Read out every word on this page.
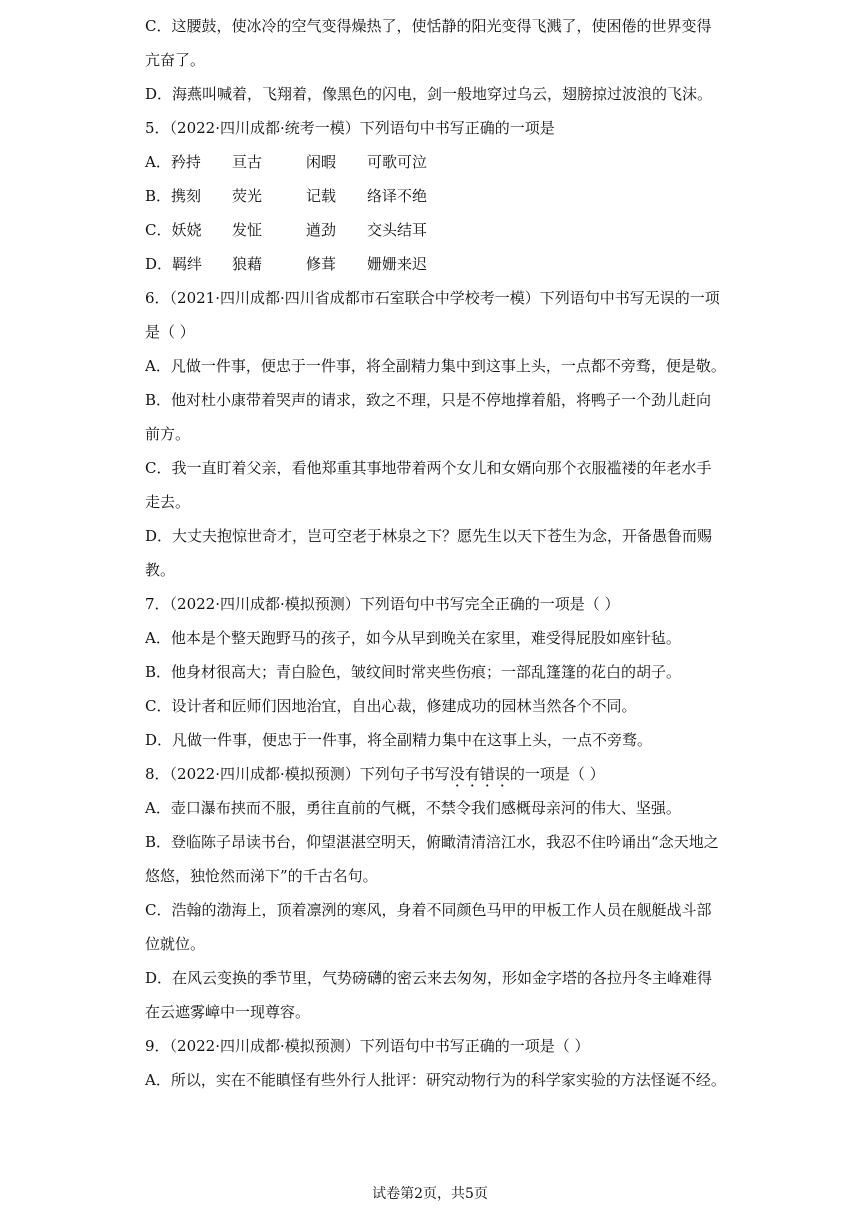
C．这腰鼓，使冰冷的空气变得燥热了，使恬静的阳光变得飞溅了，使困倦的世界变得
亢奋了。
D．海燕叫喊着，飞翔着，像黑色的闪电，剑一般地穿过乌云，翅膀掠过波浪的飞沫。
5．（2022·四川成都·统考一模）下列语句中书写正确的一项是
A．矜持 亘古	闲暇 可歌可泣
B．携刻 荧光	记载 络译不绝
C．妖娆 发怔	遒劲 交头结耳
D．羁绊 狼藉	修葺 姗姗来迟
6．（2021·四川成都·四川省成都市石室联合中学校考一模）下列语句中书写无误的一项
是（ ）
A．凡做一件事，便忠于一件事，将全副精力集中到这事上头，一点都不旁骛，便是敬。
B．他对杜小康带着哭声的请求，致之不理，只是不停地撑着船，将鸭子一个劲儿赶向
前方。
C．我一直盯着父亲，看他郑重其事地带着两个女儿和女婿向那个衣服褴褛的年老水手
走去。
D．大丈夫抱惊世奇才，岂可空老于林泉之下？愿先生以天下苍生为念，开备愚鲁而赐
教。
7．（2022·四川成都·模拟预测）下列语句中书写完全正确的一项是（ ）
A．他本是个整天跑野马的孩子，如今从早到晚关在家里，难受得屁股如座针毡。
B．他身材很高大；青白脸色，皱纹间时常夹些伤痕；一部乱篷篷的花白的胡子。
C．设计者和匠师们因地治宜，自出心裁，修建成功的园林当然各个不同。
D．凡做一件事，便忠于一件事，将全副精力集中在这事上头，一点不旁骛。
8．（2022·四川成都·模拟预测）下列句子书写没有错误的一项是（ ）
A．壶口瀑布挟而不服，勇往直前的气概，不禁令我们感概母亲河的伟大、坚强。
B．登临陈子昂读书台，仰望湛湛空明天，俯瞰清清涪江水，我忍不住吟诵出“念天地之
悠悠，独怆然而涕下”的千古名句。
C．浩翰的渤海上，顶着凛洌的寒风，身着不同颜色马甲的甲板工作人员在舰艇战斗部
位就位。
D．在风云变换的季节里，气势磅礴的密云来去匆匆，形如金字塔的各拉丹冬主峰难得
在云遮雾嶂中一现尊容。
9．（2022·四川成都·模拟预测）下列语句中书写正确的一项是（ ）
A．所以，实在不能瞋怪有些外行人批评：研究动物行为的科学家实验的方法怪诞不经。
试卷第2页，共5页
